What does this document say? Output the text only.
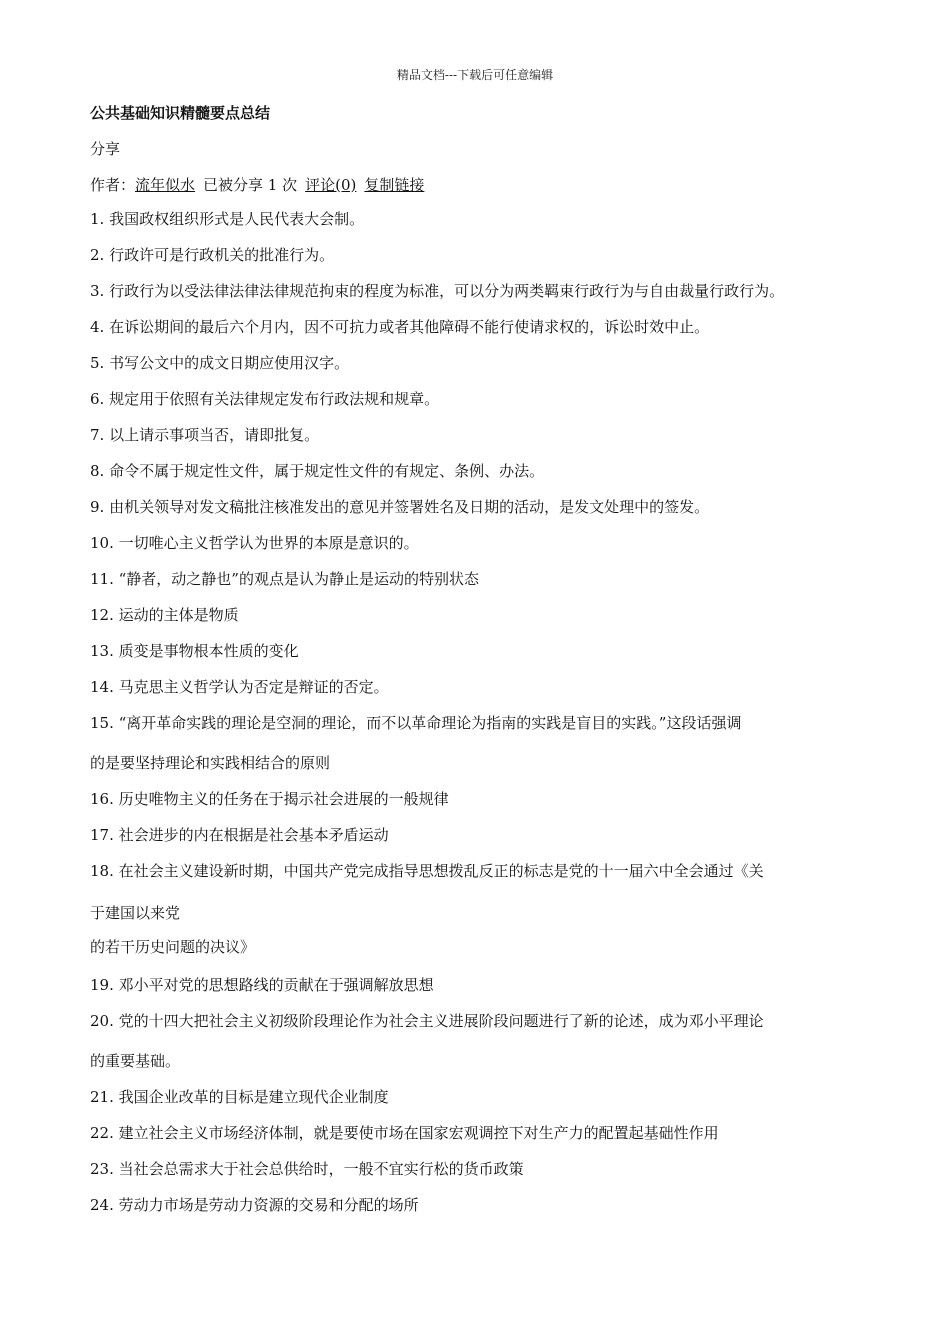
精品文档---下载后可任意编辑
公共基础知识精髓要点总结
分享
作者：流年似水 已被分享 1 次 评论(0) 复制链接
1. 我国政权组织形式是人民代表大会制。
2. 行政许可是行政机关的批准行为。
3. 行政行为以受法律法律法律规范拘束的程度为标准，可以分为两类羁束行政行为与自由裁量行政行为。
4. 在诉讼期间的最后六个月内，因不可抗力或者其他障碍不能行使请求权的，诉讼时效中止。
5. 书写公文中的成文日期应使用汉字。
6. 规定用于依照有关法律规定发布行政法规和规章。
7. 以上请示事项当否，请即批复。
8. 命令不属于规定性文件，属于规定性文件的有规定、条例、办法。
9. 由机关领导对发文稿批注核准发出的意见并签署姓名及日期的活动，是发文处理中的签发。
10. 一切唯心主义哲学认为世界的本原是意识的。
11. “静者，动之静也”的观点是认为静止是运动的特别状态
12. 运动的主体是物质
13. 质变是事物根本性质的变化
14. 马克思主义哲学认为否定是辩证的否定。
15. “离开革命实践的理论是空洞的理论，而不以革命理论为指南的实践是盲目的实践。”这段话强调
的是要坚持理论和实践相结合的原则
16. 历史唯物主义的任务在于揭示社会进展的一般规律
17. 社会进步的内在根据是社会基本矛盾运动
18. 在社会主义建设新时期，中国共产党完成指导思想拨乱反正的标志是党的十一届六中全会通过《关
于建国以来党
的若干历史问题的决议》
19. 邓小平对党的思想路线的贡献在于强调解放思想
20. 党的十四大把社会主义初级阶段理论作为社会主义进展阶段问题进行了新的论述，成为邓小平理论
的重要基础。
21. 我国企业改革的目标是建立现代企业制度
22. 建立社会主义市场经济体制，就是要使市场在国家宏观调控下对生产力的配置起基础性作用
23. 当社会总需求大于社会总供给时，一般不宜实行松的货币政策
24. 劳动力市场是劳动力资源的交易和分配的场所
